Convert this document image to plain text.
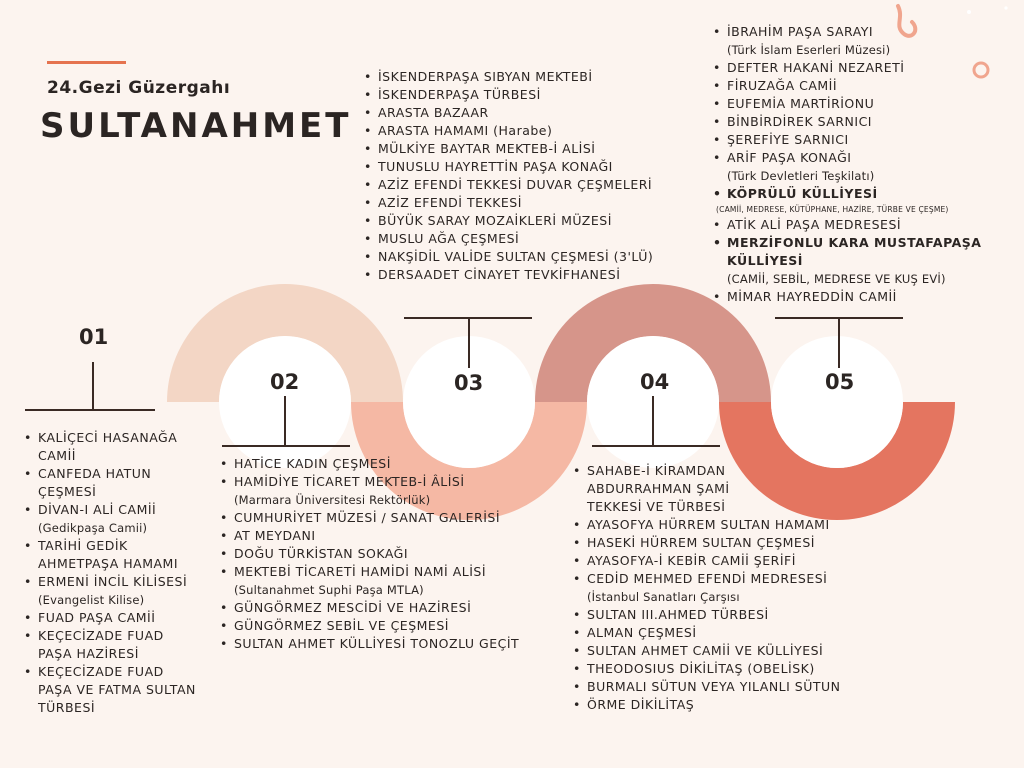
24.Gezi Güzergahı
SULTANAHMET
01
02	03	04	05
• KALİÇECİ HASANAĞA CAMİİ
• CANFEDA HATUN ÇEŞMESİ
• DİVAN-I ALİ CAMİİ
(Gedikpaşa Camii)
• TARİHİ GEDİK AHMETPAŞA HAMAMI
• ERMENİ İNCİL KİLİSESİ
(Evangelist Kilise)
• FUAD PAŞA CAMİİ
• KEÇECİZADE FUAD PAŞA HAZİRESİ
• KEÇECİZADE FUAD PAŞA VE FATMA SULTAN TÜRBESİ
• HATİCE KADIN ÇEŞMESİ
• HAMİDİYE TİCARET MEKTEB-İ ÂLİSİ
(Marmara Üniversitesi Rektörlük)
• CUMHURİYET MÜZESİ / SANAT GALERİSİ
• AT MEYDANI
• DOĞU TÜRKİSTAN SOKAĞI
• MEKTEBİ TİCARETİ HAMİDİ NAMİ ALİSİ
(Sultanahmet Suphi Paşa MTLA)
• GÜNGÖRMEZ MESCİDİ VE HAZİRESİ
• GÜNGÖRMEZ SEBİL VE ÇEŞMESİ
• SULTAN AHMET KÜLLİYESİ TONOZLU GEÇİT
• İSKENDERPAŞA SIBYAN MEKTEBİ
• İSKENDERPAŞA TÜRBESİ
• ARASTA BAZAAR
• ARASTA HAMAMI (Harabe)
• MÜLKİYE BAYTAR MEKTEB-İ ALİSİ
• TUNUSLU HAYRETTİN PAŞA KONAĞI
• AZİZ EFENDİ TEKKESİ DUVAR ÇEŞMELERİ
• AZİZ EFENDİ TEKKESİ
• BÜYÜK SARAY MOZAİKLERİ MÜZESİ
• MUSLU AĞA ÇEŞMESİ
• NAKŞİDİL VALİDE SULTAN ÇEŞMESİ (3'LÜ)
• DERSAADET CİNAYET TEVKİFHANESİ
• SAHABE-İ KİRAMDAN ABDURRAHMAN ŞAMİ TEKKESİ VE TÜRBESİ
• AYASOFYA HÜRREM SULTAN HAMAMI
• HASEKİ HÜRREM SULTAN ÇEŞMESİ
• AYASOFYA-İ KEBİR CAMİİ ŞERİFİ
• CEDİD MEHMED EFENDİ MEDRESESİ
(İstanbul Sanatları Çarşısı
• SULTAN III.AHMED TÜRBESİ
• ALMAN ÇEŞMESİ
• SULTAN AHMET CAMİİ VE KÜLLİYESİ
• THEODOSIUS DİKİLİTAŞ (OBELİSK)
• BURMALI SÜTUN VEYA YILANLI SÜTUN
• ÖRME DİKİLİTAŞ
• İBRAHİM PAŞA SARAYI
(Türk İslam Eserleri Müzesi)
• DEFTER HAKANİ NEZARETİ
• FİRUZAĞA CAMİİ
• EUFEMİA MARTİRİONU
• BİNBİRDİREK SARNICI
• ŞEREFİYE SARNICI
• ARİF PAŞA KONAĞI
(Türk Devletleri Teşkilatı)
• KÖPRÜLÜ KÜLLİYESİ
(CAMİİ, MEDRESE, KÜTÜPHANE, HAZİRE, TÜRBE VE ÇEŞME)
• ATİK ALİ PAŞA MEDRESESİ
• MERZİFONLU KARA MUSTAFAPAŞA KÜLLİYESİ
(CAMİİ, SEBİL, MEDRESE VE KUŞ EVİ)
• MİMAR HAYREDDİN CAMİİ
